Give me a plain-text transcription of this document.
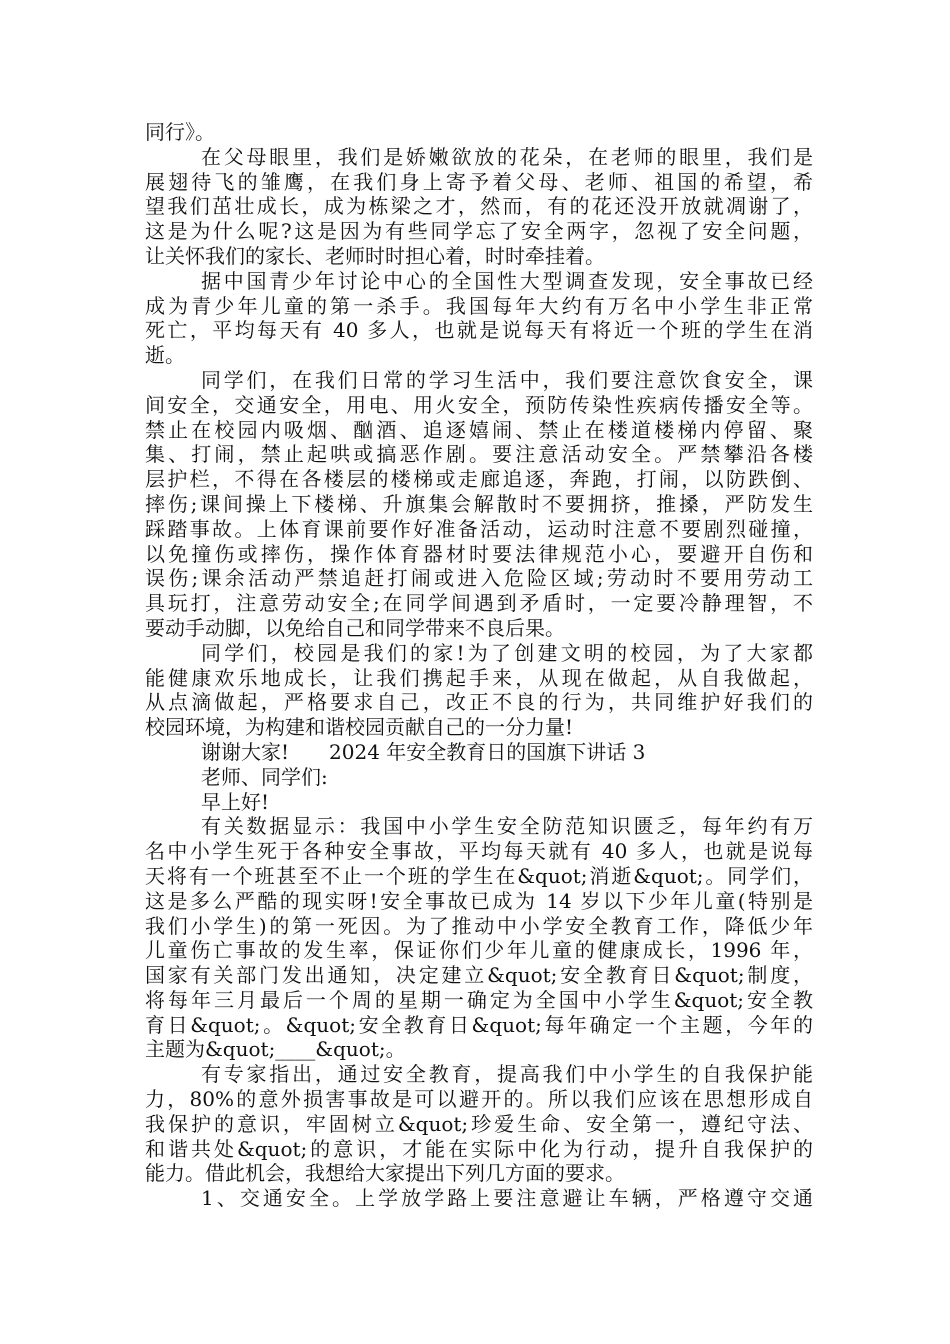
同行》。
在父母眼里，我们是娇嫩欲放的花朵，在老师的眼里，我们是
展翅待飞的雏鹰，在我们身上寄予着父母、老师、祖国的希望，希
望我们茁壮成长，成为栋梁之才，然而，有的花还没开放就凋谢了，
这是为什么呢?这是因为有些同学忘了安全两字，忽视了安全问题，
让关怀我们的家长、老师时时担心着，时时牵挂着。
据中国青少年讨论中心的全国性大型调查发现，安全事故已经
成为青少年儿童的第一杀手。我国每年大约有万名中小学生非正常
死亡，平均每天有 40 多人，也就是说每天有将近一个班的学生在消
逝。
同学们，在我们日常的学习生活中，我们要注意饮食安全，课
间安全，交通安全，用电、用火安全，预防传染性疾病传播安全等。
禁止在校园内吸烟、酗酒、追逐嬉闹、禁止在楼道楼梯内停留、聚
集、打闹，禁止起哄或搞恶作剧。要注意活动安全。严禁攀沿各楼
层护栏，不得在各楼层的楼梯或走廊追逐，奔跑，打闹，以防跌倒、
摔伤;课间操上下楼梯、升旗集会解散时不要拥挤，推搡，严防发生
踩踏事故。上体育课前要作好准备活动，运动时注意不要剧烈碰撞，
以免撞伤或摔伤，操作体育器材时要法律规范小心，要避开自伤和
误伤;课余活动严禁追赶打闹或进入危险区域;劳动时不要用劳动工
具玩打，注意劳动安全;在同学间遇到矛盾时，一定要冷静理智，不
要动手动脚，以免给自己和同学带来不良后果。
同学们，校园是我们的家!为了创建文明的校园，为了大家都
能健康欢乐地成长，让我们携起手来，从现在做起，从自我做起，
从点滴做起，严格要求自己，改正不良的行为，共同维护好我们的
校园环境，为构建和谐校园贡献自己的一分力量!
谢谢大家!　　2024 年安全教育日的国旗下讲话 3
老师、同学们:
早上好!
有关数据显示：我国中小学生安全防范知识匮乏，每年约有万
名中小学生死于各种安全事故，平均每天就有 40 多人，也就是说每
天将有一个班甚至不止一个班的学生在&quot;消逝&quot;。同学们，
这是多么严酷的现实呀!安全事故已成为 14 岁以下少年儿童(特别是
我们小学生)的第一死因。为了推动中小学安全教育工作，降低少年
儿童伤亡事故的发生率，保证你们少年儿童的健康成长，1996 年，
国家有关部门发出通知，决定建立&quot;安全教育日&quot;制度，
将每年三月最后一个周的星期一确定为全国中小学生&quot;安全教
育日&quot;。&quot;安全教育日&quot;每年确定一个主题，今年的
主题为&quot;____&quot;。
有专家指出，通过安全教育，提高我们中小学生的自我保护能
力，80%的意外损害事故是可以避开的。所以我们应该在思想形成自
我保护的意识，牢固树立&quot;珍爱生命、安全第一，遵纪守法、
和谐共处&quot;的意识，才能在实际中化为行动，提升自我保护的
能力。借此机会，我想给大家提出下列几方面的要求。
1、交通安全。上学放学路上要注意避让车辆，严格遵守交通
